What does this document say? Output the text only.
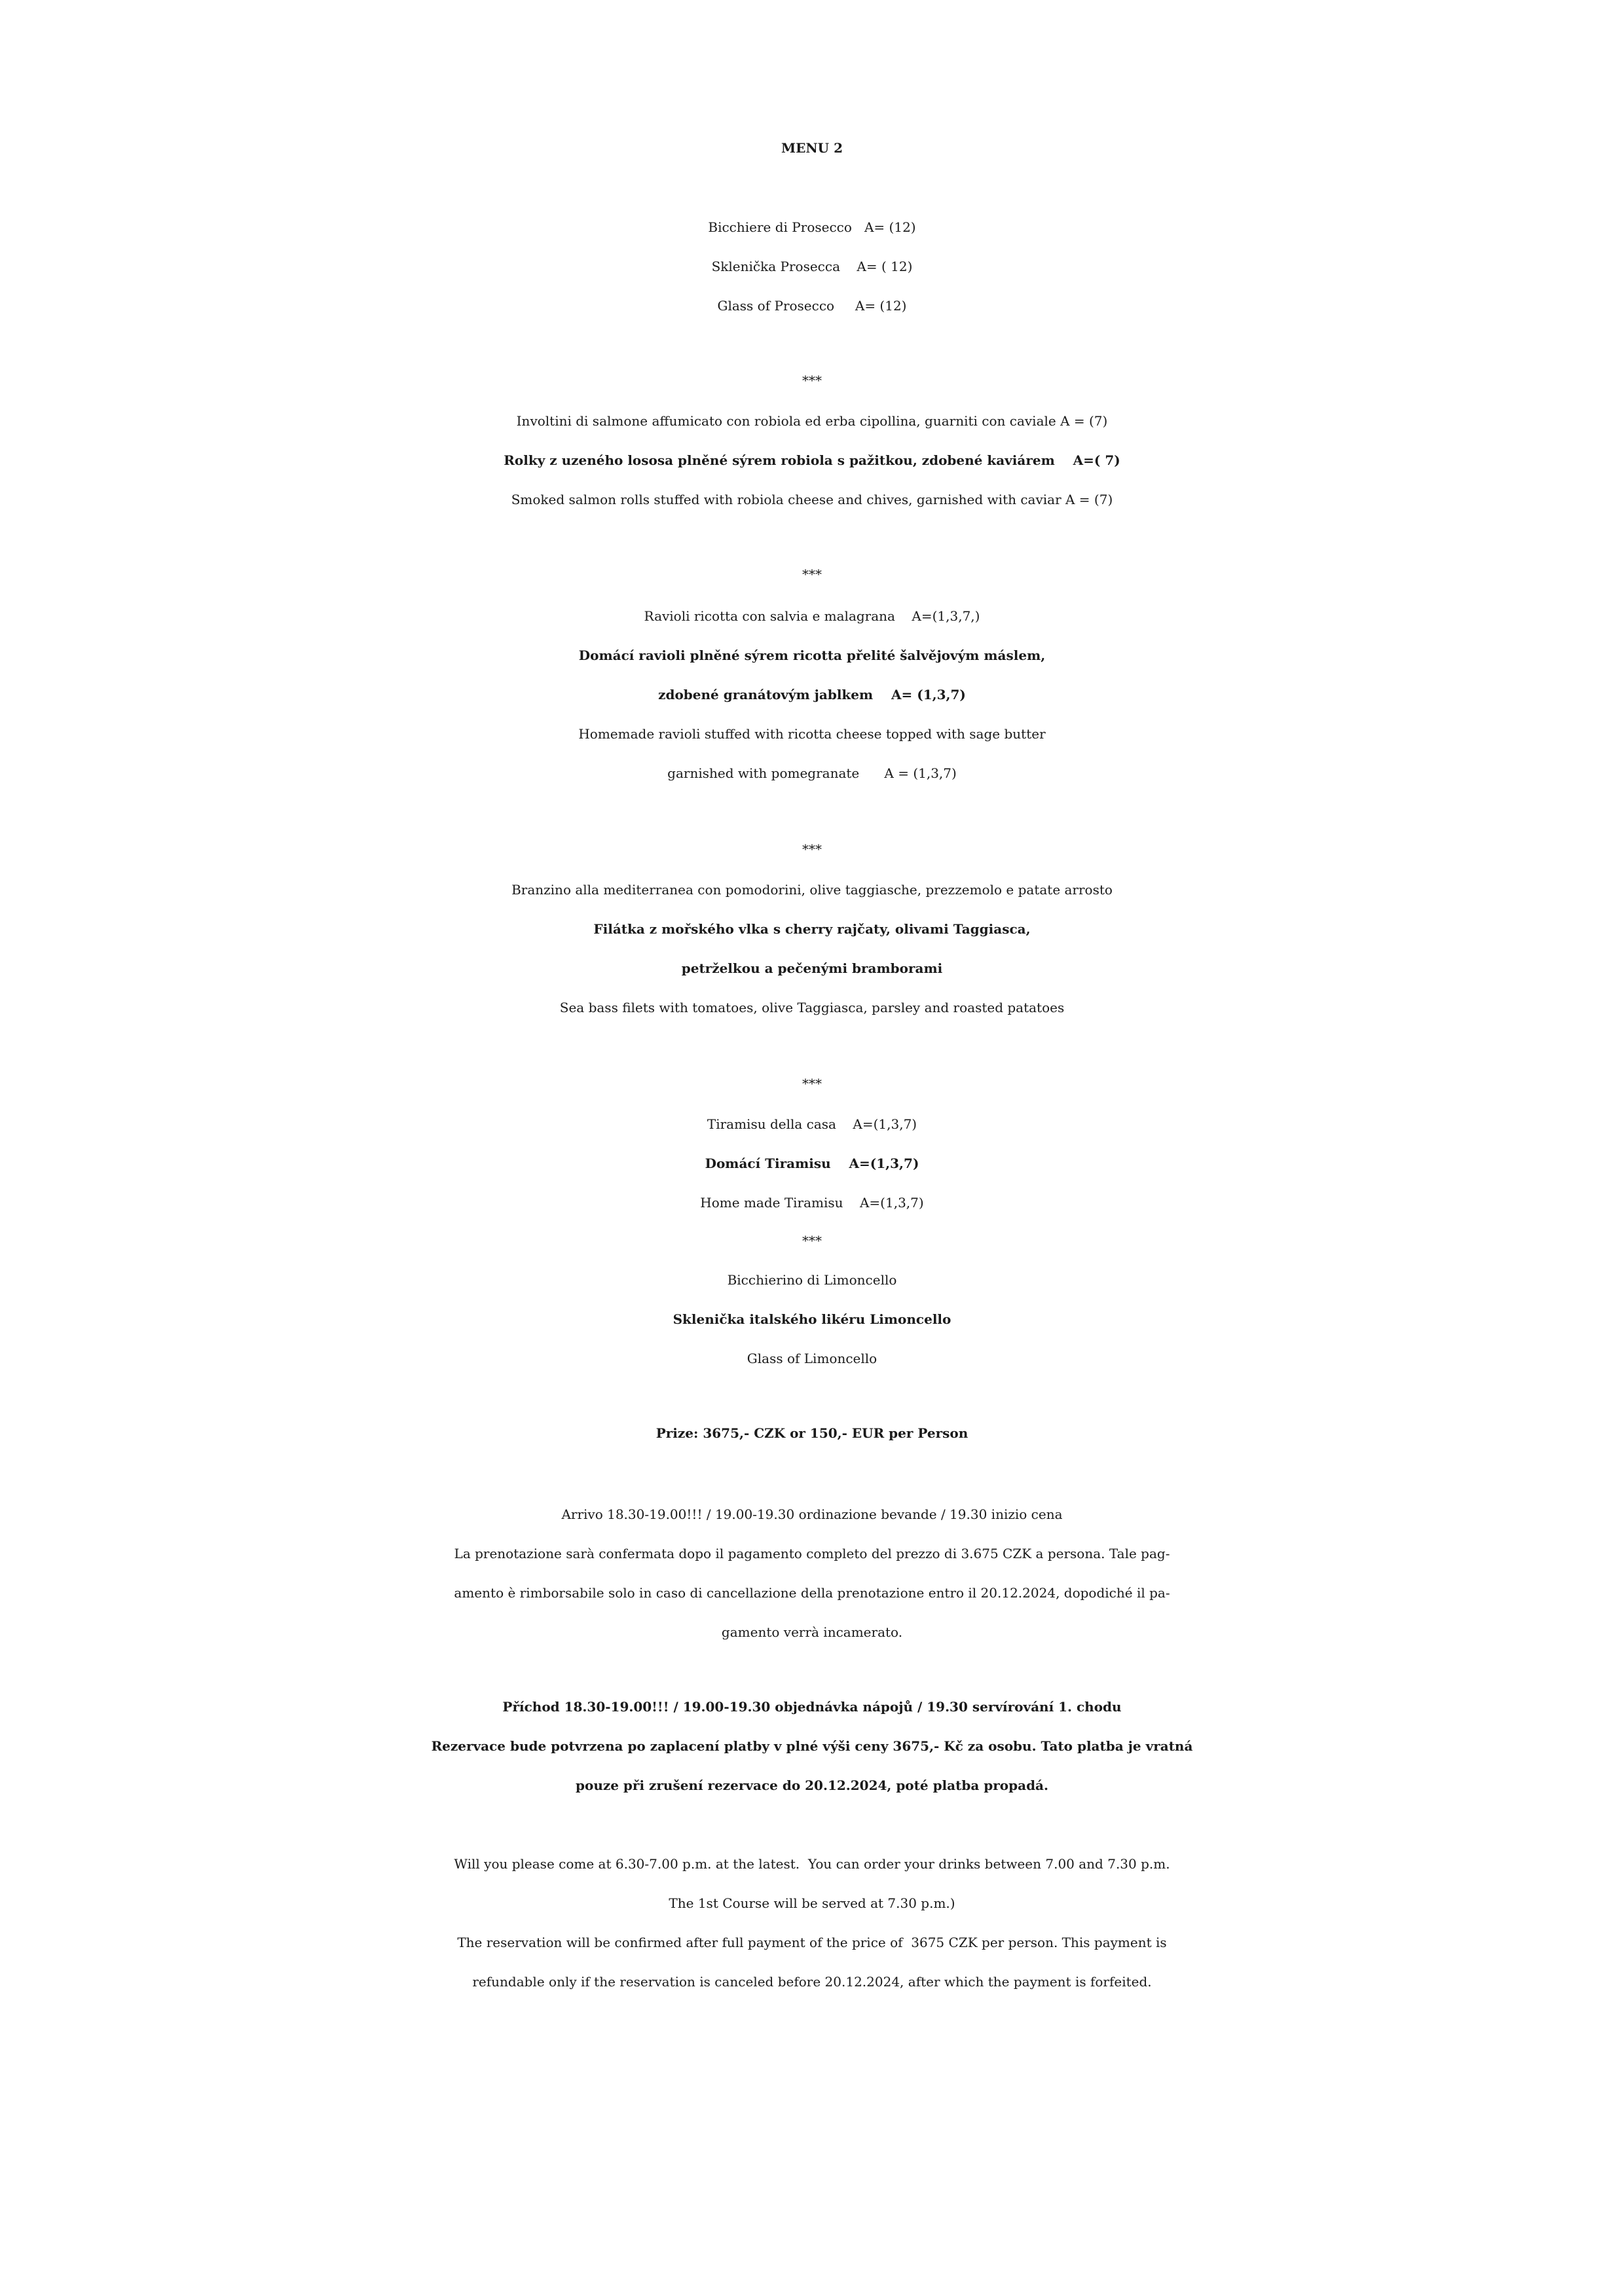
MENU 2
Bicchiere di Prosecco   A= (12)
Sklenička Prosecca    A= ( 12)
Glass of Prosecco     A= (12)
***
Involtini di salmone affumicato con robiola ed erba cipollina, guarniti con caviale A = (7)
Rolky z uzeného lososa plněné sýrem robiola s pažitkou, zdobené kaviárem    A=( 7)
Smoked salmon rolls stuffed with robiola cheese and chives, garnished with caviar A = (7)
***
Ravioli ricotta con salvia e malagrana    A=(1,3,7,)
Domácí ravioli plněné sýrem ricotta přelité šalvějovým máslem,
zdobené granátovým jablkem    A= (1,3,7)
Homemade ravioli stuffed with ricotta cheese topped with sage butter
garnished with pomegranate      A = (1,3,7)
***
Branzino alla mediterranea con pomodorini, olive taggiasche, prezzemolo e patate arrosto
Filátka z mořského vlka s cherry rajčaty, olivami Taggiasca,
petrželkou a pečenými bramborami
Sea bass filets with tomatoes, olive Taggiasca, parsley and roasted patatoes
***
Tiramisu della casa    A=(1,3,7)
Domácí Tiramisu    A=(1,3,7)
Home made Tiramisu    A=(1,3,7)
***
Bicchierino di Limoncello
Sklenička italského likéru Limoncello
Glass of Limoncello
Prize: 3675,- CZK or 150,- EUR per Person
Arrivo 18.30-19.00!!! / 19.00-19.30 ordinazione bevande / 19.30 inizio cena
La prenotazione sarà confermata dopo il pagamento completo del prezzo di 3.675 CZK a persona. Tale pag-
amento è rimborsabile solo in caso di cancellazione della prenotazione entro il 20.12.2024, dopodiché il pa-
gamento verrà incamerato.
Příchod 18.30-19.00!!! / 19.00-19.30 objednávka nápojů / 19.30 servírování 1. chodu
Rezervace bude potvrzena po zaplacení platby v plné výši ceny 3675,- Kč za osobu. Tato platba je vratná
pouze při zrušení rezervace do 20.12.2024, poté platba propadá.
Will you please come at 6.30-7.00 p.m. at the latest.  You can order your drinks between 7.00 and 7.30 p.m.
The 1st Course will be served at 7.30 p.m.)
The reservation will be confirmed after full payment of the price of  3675 CZK per person. This payment is
refundable only if the reservation is canceled before 20.12.2024, after which the payment is forfeited.
